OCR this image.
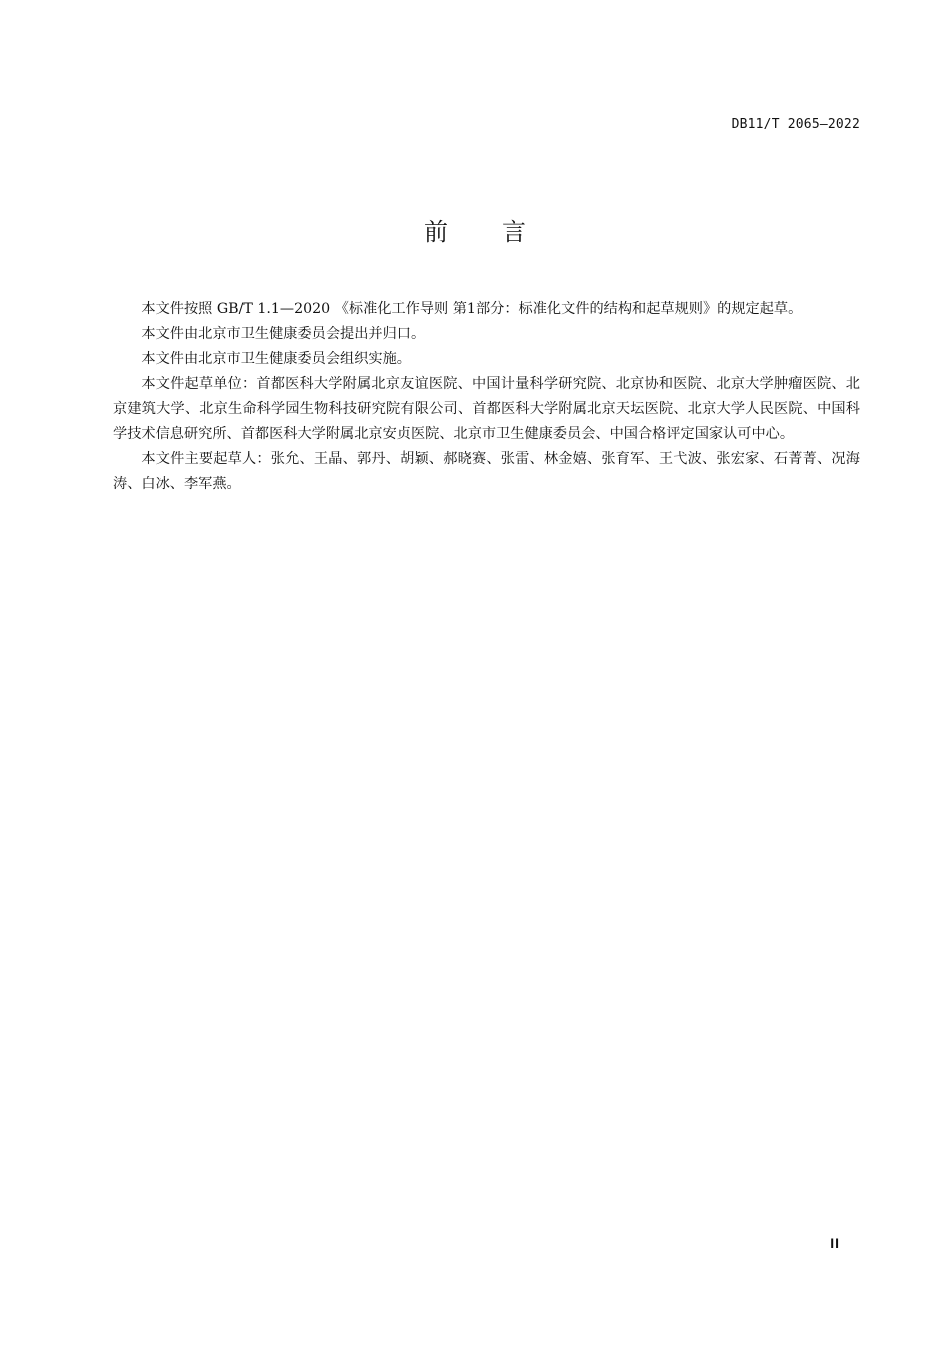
DB11/T 2065—2022
前言

本文件按照 GB/T 1.1—2020 《标准化工作导则 第1部分：标准化文件的结构和起草规则》的规定起草。

本文件由北京市卫生健康委员会提出并归口。

本文件由北京市卫生健康委员会组织实施。

本文件起草单位：首都医科大学附属北京友谊医院、中国计量科学研究院、北京协和医院、北京大学肿瘤医院、北京建筑大学、北京生命科学园生物科技研究院有限公司、首都医科大学附属北京天坛医院、北京大学人民医院、中国科学技术信息研究所、首都医科大学附属北京安贞医院、北京市卫生健康委员会、中国合格评定国家认可中心。

本文件主要起草人：张允、王晶、郭丹、胡颖、郝晓赛、张雷、林金嬉、张育军、王弋波、张宏家、石菁菁、况海涛、白冰、李军燕。

II
